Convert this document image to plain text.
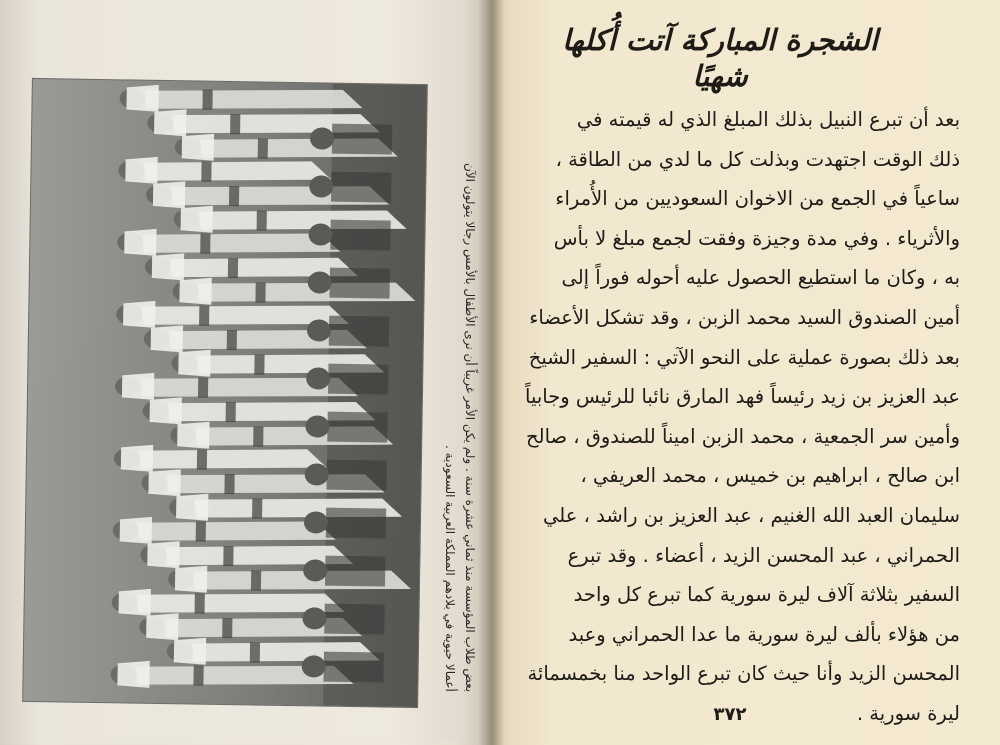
بعض طلاب المؤسسة منذ ثماني عشرة سنة . ولم يكن الأمر غريباً أن نرى الأطفال بالأمس رجالا يتولون الآن
أعمالا حيوية في بلادهم المملكة العربية السعودية .
الشجرة المباركة آتت أُكلها شهيًا
بعد أن تبرع النبيل بذلك المبلغ الذي له قيمته في
ذلك الوقت اجتهدت وبذلت كل ما لدي من الطاقة ،
ساعياً في الجمع من الاخوان السعوديين من الأُمراء
والأثرياء . وفي مدة وجيزة وفقت لجمع مبلغ لا بأس
به ، وكان ما استطيع الحصول عليه أحوله فوراً إلى
أمين الصندوق السيد محمد الزبن ، وقد تشكل الأعضاء
بعد ذلك بصورة عملية على النحو الآتي : السفير الشيخ
عبد العزيز بن زيد رئيساً فهد المارق نائبا للرئيس وجابياً
وأمين سر الجمعية ، محمد الزبن اميناً للصندوق ، صالح
ابن صالح ، ابراهيم بن خميس ، محمد العريفي ،
سليمان العبد الله الغنيم ، عبد العزيز بن راشد ، علي
الحمراني ، عبد المحسن الزيد ، أعضاء . وقد تبرع
السفير بثلاثة آلاف ليرة سورية كما تبرع كل واحد
من هؤلاء بألف ليرة سورية ما عدا الحمراني وعبد
المحسن الزيد وأنا حيث كان تبرع الواحد منا بخمسمائة
ليرة سورية .
٣٧٢
